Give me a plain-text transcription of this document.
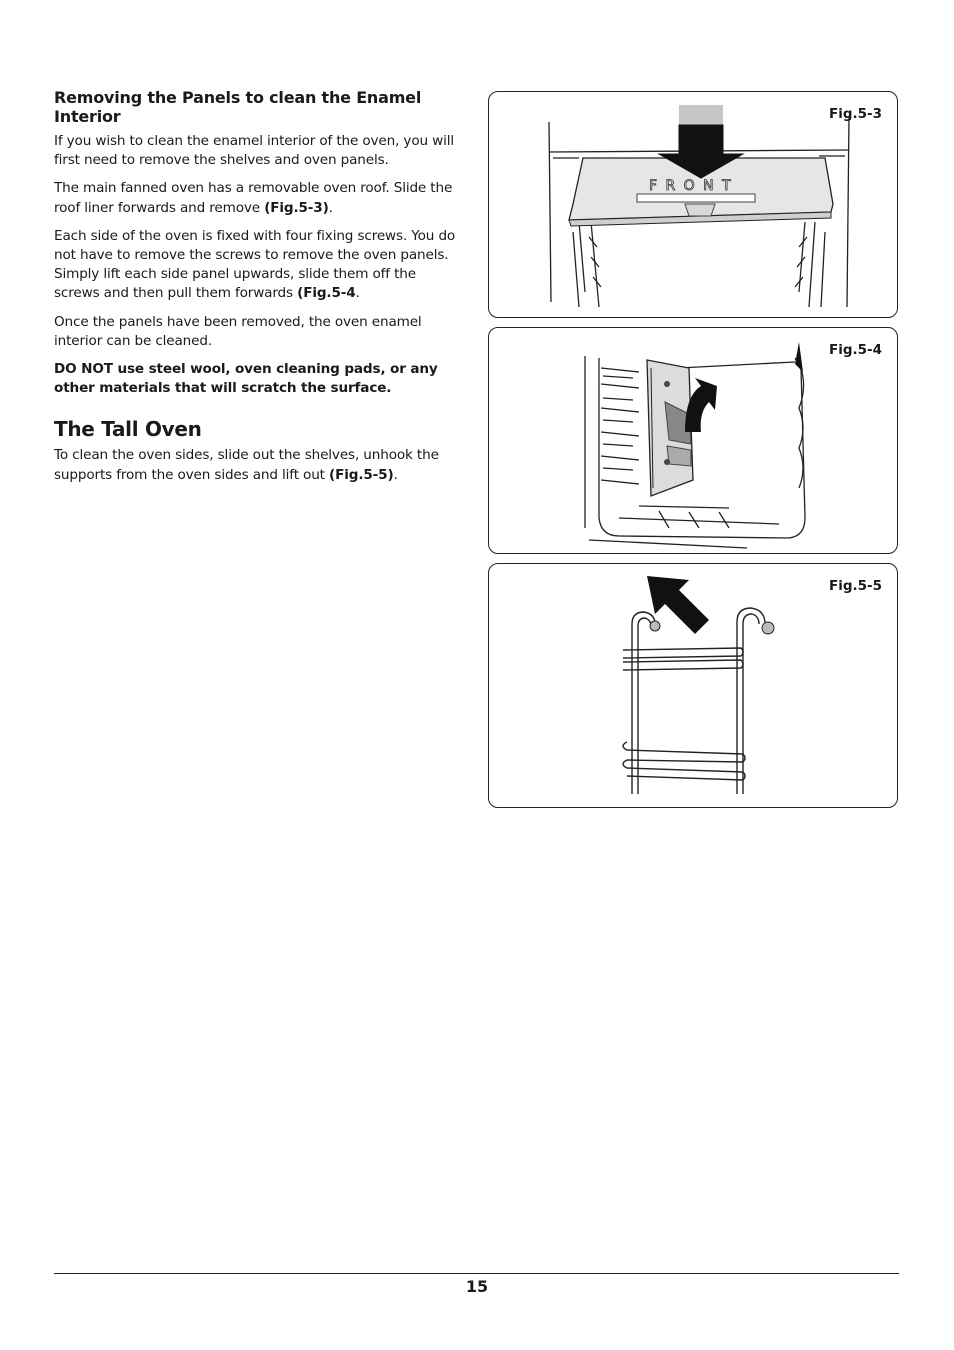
Removing the Panels to clean the Enamel Interior

If you wish to clean the enamel interior of the oven, you will first need to remove the shelves and oven panels.

The main fanned oven has a removable oven roof. Slide the roof liner forwards and remove (Fig.5-3).

Each side of the oven is fixed with four fixing screws. You do not have to remove the screws to remove the oven panels. Simply lift each side panel upwards, slide them off the screws and then pull them forwards (Fig.5-4.

Once the panels have been removed, the oven enamel interior can be cleaned.

DO NOT use steel wool, oven cleaning pads, or any other materials that will scratch the surface.

The Tall Oven

To clean the oven sides, slide out the shelves, unhook the supports from the oven sides and lift out (Fig.5-5).

F R O N T
Fig.5-3
Fig.5-4
Fig.5-5
15
